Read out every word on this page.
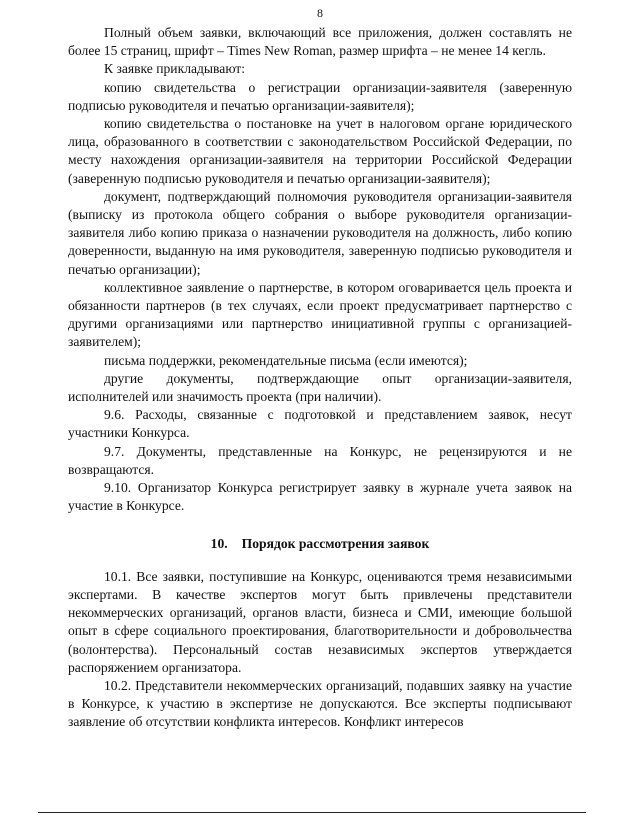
8

Полный объем заявки, включающий все приложения, должен составлять не более 15 страниц, шрифт – Times New Roman, размер шрифта – не менее 14 кегль.

К заявке прикладывают:

копию свидетельства о регистрации организации-заявителя (заверенную подписью руководителя и печатью организации-заявителя);

копию свидетельства о постановке на учет в налоговом органе юридического лица, образованного в соответствии с законодательством Российской Федерации, по месту нахождения организации-заявителя на территории Российской Федерации (заверенную подписью руководителя и печатью организации-заявителя);

документ, подтверждающий полномочия руководителя организации-заявителя (выписку из протокола общего собрания о выборе руководителя организации-заявителя либо копию приказа о назначении руководителя на должность, либо копию доверенности, выданную на имя руководителя, заверенную подписью руководителя и печатью организации);

коллективное заявление о партнерстве, в котором оговаривается цель проекта и обязанности партнеров (в тех случаях, если проект предусматривает партнерство с другими организациями или партнерство инициативной группы с организацией-заявителем);

письма поддержки, рекомендательные письма (если имеются);

другие документы, подтверждающие опыт организации-заявителя, исполнителей или значимость проекта (при наличии).

9.6. Расходы, связанные с подготовкой и представлением заявок, несут участники Конкурса.

9.7. Документы, представленные на Конкурс, не рецензируются и не возвращаются.

9.10. Организатор Конкурса регистрирует заявку в журнале учета заявок на участие в Конкурсе.

10. Порядок рассмотрения заявок

10.1. Все заявки, поступившие на Конкурс, оцениваются тремя независимыми экспертами. В качестве экспертов могут быть привлечены представители некоммерческих организаций, органов власти, бизнеса и СМИ, имеющие большой опыт в сфере социального проектирования, благотворительности и добровольчества (волонтерства). Персональный состав независимых экспертов утверждается распоряжением организатора.

10.2. Представители некоммерческих организаций, подавших заявку на участие в Конкурсе, к участию в экспертизе не допускаются. Все эксперты подписывают заявление об отсутствии конфликта интересов. Конфликт интересов
